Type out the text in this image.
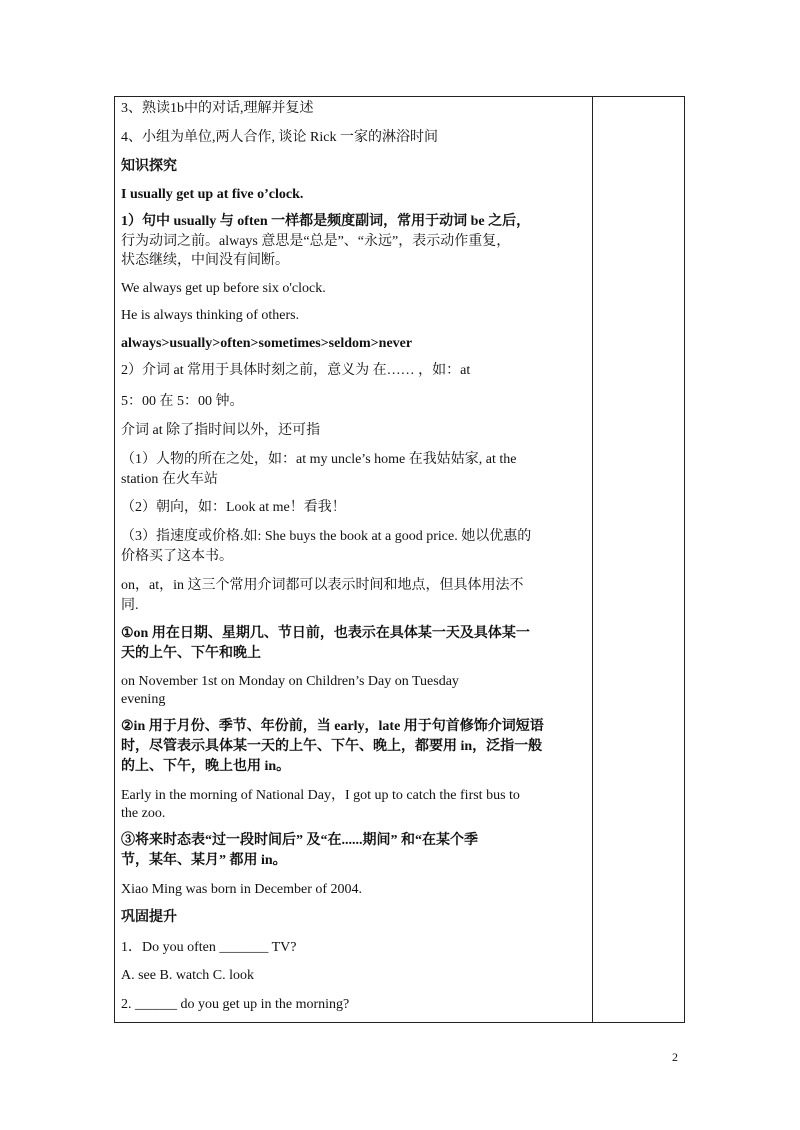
3、熟读1b中的对话,理解并复述
4、小组为单位,两人合作, 谈论 Rick 一家的淋浴时间
知识探究
I usually get up at five o’clock.
1）句中 usually 与 often 一样都是频度副词，常用于动词 be 之后，
行为动词之前。always 意思是“总是”、“永远”，表示动作重复，
状态继续，中间没有间断。
We always get up before six o'clock.
He is always thinking of others.
always>usually>often>sometimes>seldom>never
2）介词 at 常用于具体时刻之前，意义为 在…… ，如：at
5：00 在 5：00 钟。
介词 at 除了指时间以外，还可指
（1）人物的所在之处，如：at my uncle’s home 在我姑姑家, at the
station 在火车站
（2）朝向，如：Look at me！看我！
（3）指速度或价格.如: She buys the book at a good price. 她以优惠的
价格买了这本书。
on，at，in 这三个常用介词都可以表示时间和地点，但具体用法不
同.
①on 用在日期、星期几、节日前，也表示在具体某一天及具体某一
天的上午、下午和晚上
on November 1st on Monday on Children’s Day on Tuesday
evening
②in 用于月份、季节、年份前，当 early，late 用于句首修饰介词短语
时，尽管表示具体某一天的上午、下午、晚上，都要用 in，泛指一般
的上、下午，晚上也用 in。
Early in the morning of National Day，I got up to catch the first bus to
the zoo.
③将来时态表“过一段时间后” 及“在......期间” 和“在某个季
节，某年、某月” 都用 in。
Xiao Ming was born in December of 2004.
巩固提升
1．Do you often _______ TV?
A. see B. watch C. look
2. ______ do you get up in the morning?
2
